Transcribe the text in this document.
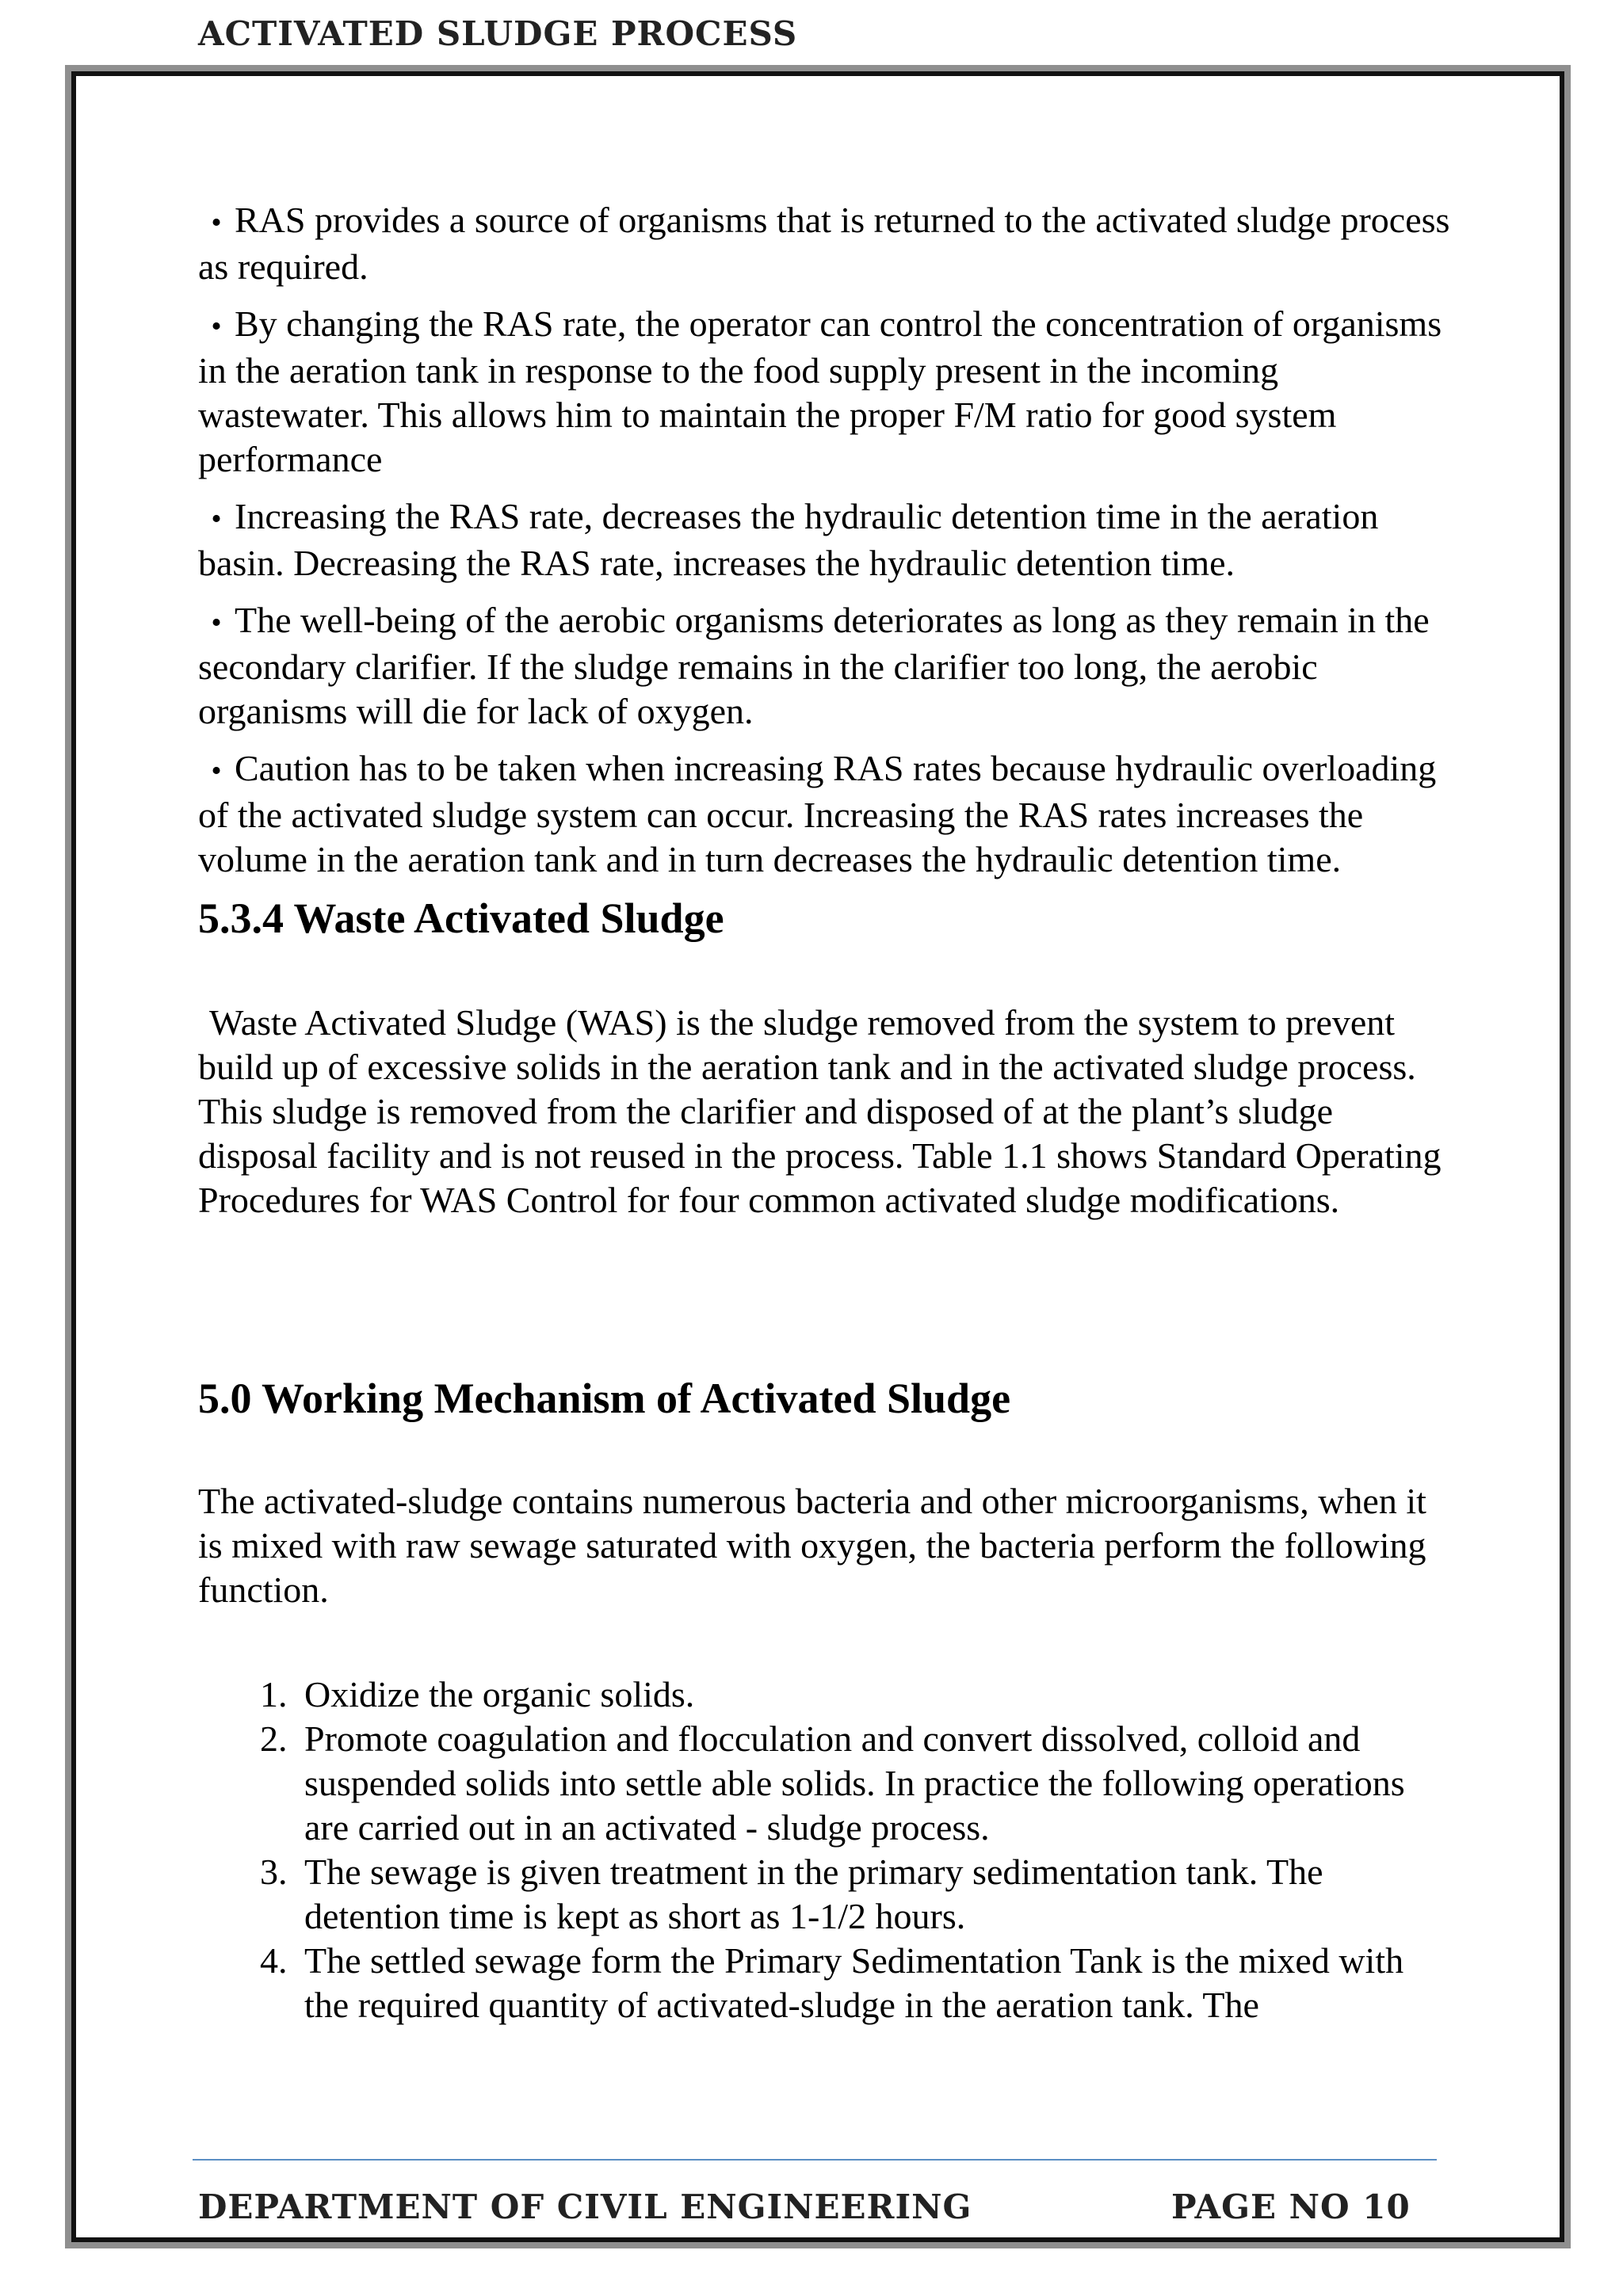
ACTIVATED SLUDGE PROCESS
• RAS provides a source of organisms that is returned to the activated sludge process as required.
• By changing the RAS rate, the operator can control the concentration of organisms in the aeration tank in response to the food supply present in the incoming wastewater. This allows him to maintain the proper F/M ratio for good system performance
• Increasing the RAS rate, decreases the hydraulic detention time in the aeration basin. Decreasing the RAS rate, increases the hydraulic detention time.
• The well-being of the aerobic organisms deteriorates as long as they remain in the secondary clarifier. If the sludge remains in the clarifier too long, the aerobic organisms will die for lack of oxygen.
• Caution has to be taken when increasing RAS rates because hydraulic overloading of the activated sludge system can occur. Increasing the RAS rates increases the volume in the aeration tank and in turn decreases the hydraulic detention time.
5.3.4 Waste Activated Sludge

Waste Activated Sludge (WAS) is the sludge removed from the system to prevent build up of excessive solids in the aeration tank and in the activated sludge process. This sludge is removed from the clarifier and disposed of at the plant’s sludge disposal facility and is not reused in the process. Table 1.1 shows Standard Operating Procedures for WAS Control for four common activated sludge modifications.

5.0 Working Mechanism of Activated Sludge

The activated-sludge contains numerous bacteria and other microorganisms, when it is mixed with raw sewage saturated with oxygen, the bacteria perform the following function.

1. Oxidize the organic solids.
2. Promote coagulation and flocculation and convert dissolved, colloid and suspended solids into settle able solids. In practice the following operations are carried out in an activated - sludge process.
3. The sewage is given treatment in the primary sedimentation tank. The detention time is kept as short as 1-1/2 hours.
4. The settled sewage form the Primary Sedimentation Tank is the mixed with the required quantity of activated-sludge in the aeration tank. The
DEPARTMENT OF CIVIL ENGINEERING	PAGE NO 10
